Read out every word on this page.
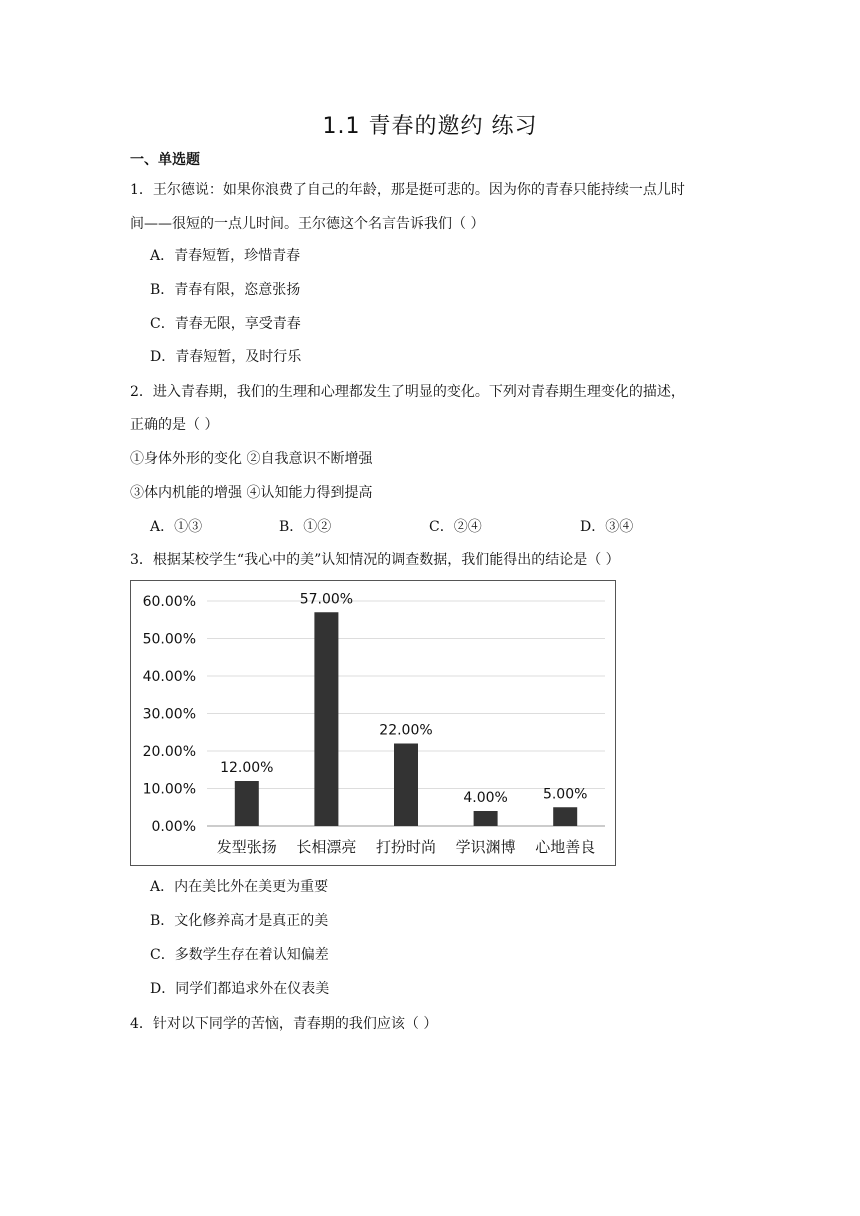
1.1 青春的邀约 练习
一、单选题
1．王尔德说：如果你浪费了自己的年龄，那是挺可悲的。因为你的青春只能持续一点儿时
间——很短的一点儿时间。王尔德这个名言告诉我们（ ）
A．青春短暂，珍惜青春
B．青春有限，恣意张扬
C．青春无限，享受青春
D．青春短暂，及时行乐
2．进入青春期，我们的生理和心理都发生了明显的变化。下列对青春期生理变化的描述，
正确的是（ ）
①身体外形的变化 ②自我意识不断增强
③体内机能的增强 ④认知能力得到提高
A．①③	B．①②	C．②④	D．③④
3．根据某校学生“我心中的美”认知情况的调查数据，我们能得出的结论是（ ）
0.00%
10.00%
20.00%
30.00%
40.00%
50.00%
60.00%
12.00%
发型张扬
57.00%
长相漂亮
22.00%
打扮时尚
4.00%
学识渊博
5.00%
心地善良
A．内在美比外在美更为重要
B．文化修养高才是真正的美
C．多数学生存在着认知偏差
D．同学们都追求外在仪表美
4．针对以下同学的苦恼，青春期的我们应该（ ）
